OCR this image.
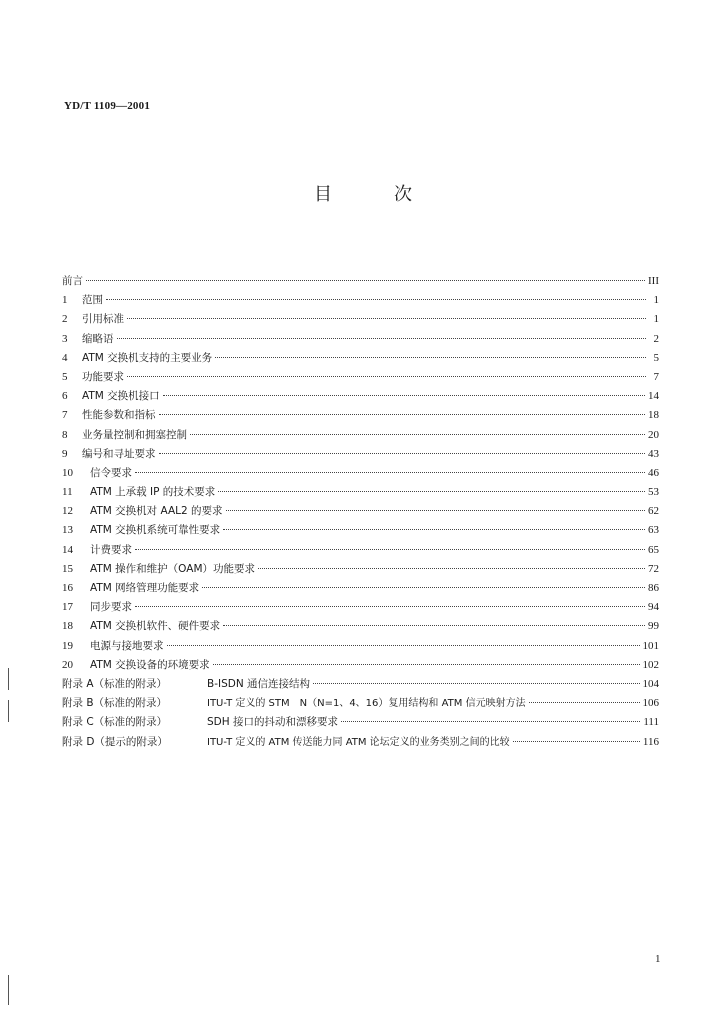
YD/T 1109—2001
目	次
前言	III
1	范围	1
2	引用标准	1
3	缩略语	2
4	ATM 交换机支持的主要业务	5
5	功能要求	7
6	ATM 交换机接口	14
7	性能参数和指标	18
8	业务量控制和拥塞控制	20
9	编号和寻址要求	43
10	信令要求	46
11	ATM 上承载 IP 的技术要求	53
12	ATM 交换机对 AAL2 的要求	62
13	ATM 交换机系统可靠性要求	63
14	计费要求	65
15	ATM 操作和维护（OAM）功能要求	72
16	ATM 网络管理功能要求	86
17	同步要求	94
18	ATM 交换机软件、硬件要求	99
19	电源与接地要求	101
20	ATM 交换设备的环境要求	102
附录 A（标准的附录）	B-ISDN 通信连接结构	104
附录 B（标准的附录）	ITU-T 定义的 STM　N（N=1、4、16）复用结构和 ATM 信元映射方法	106
附录 C（标准的附录）	SDH 接口的抖动和漂移要求	111
附录 D（提示的附录）	ITU-T 定义的 ATM 传送能力同 ATM 论坛定义的业务类别之间的比较	116
1
